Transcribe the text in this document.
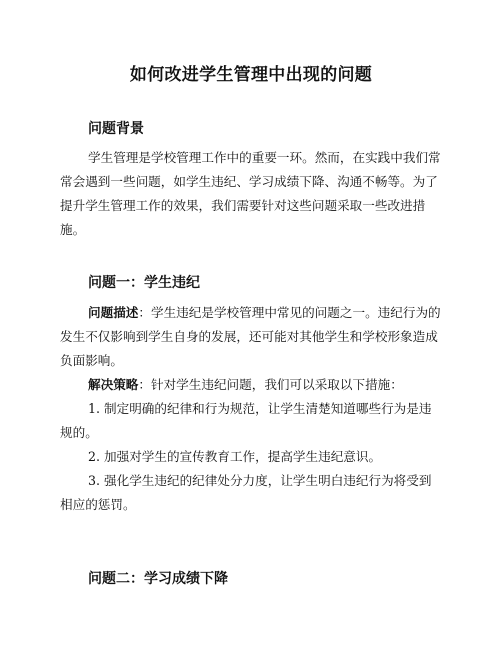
如何改进学生管理中出现的问题
问题背景

学生管理是学校管理工作中的重要一环。然而，在实践中我们常常会遇到一些问题，如学生违纪、学习成绩下降、沟通不畅等。为了提升学生管理工作的效果，我们需要针对这些问题采取一些改进措施。

问题一：学生违纪

问题描述：学生违纪是学校管理中常见的问题之一。违纪行为的发生不仅影响到学生自身的发展，还可能对其他学生和学校形象造成负面影响。

解决策略：针对学生违纪问题，我们可以采取以下措施：

1. 制定明确的纪律和行为规范，让学生清楚知道哪些行为是违规的。

2. 加强对学生的宣传教育工作，提高学生违纪意识。

3. 强化学生违纪的纪律处分力度，让学生明白违纪行为将受到相应的惩罚。

问题二：学习成绩下降
